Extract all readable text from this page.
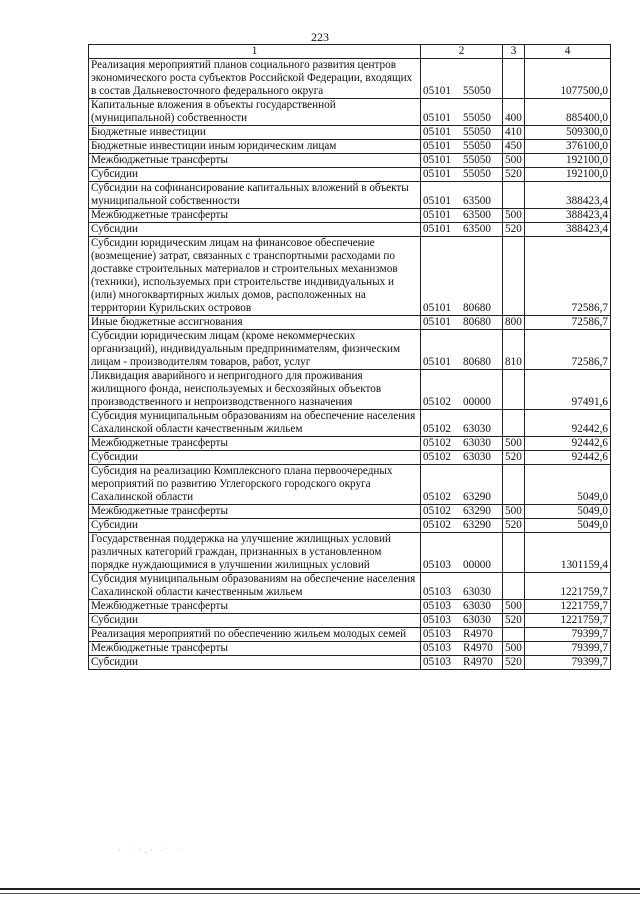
223
1	2	3	4
Реализация мероприятий планов социального развития центров экономического роста субъектов Российской Федерации, входящих в состав Дальневосточного федерального округа	05101 55050		1077500,0
Капитальные вложения в объекты государственной (муниципальной) собственности	05101 55050	400	885400,0
Бюджетные инвестиции	05101 55050	410	509300,0
Бюджетные инвестиции иным юридическим лицам	05101 55050	450	376100,0
Межбюджетные трансферты	05101 55050	500	192100,0
Субсидии	05101 55050	520	192100,0
Субсидии на софинансирование капитальных вложений в объекты муниципальной собственности	05101 63500		388423,4
Межбюджетные трансферты	05101 63500	500	388423,4
Субсидии	05101 63500	520	388423,4
Субсидии юридическим лицам на финансовое обеспечение (возмещение) затрат, связанных с транспортными расходами по доставке строительных материалов и строительных механизмов (техники), используемых при строительстве индивидуальных и (или) многоквартирных жилых домов, расположенных на территории Курильских островов	05101 80680		72586,7
Иные бюджетные ассигнования	05101 80680	800	72586,7
Субсидии юридическим лицам (кроме некоммерческих организаций), индивидуальным предпринимателям, физическим лицам - производителям товаров, работ, услуг	05101 80680	810	72586,7
Ликвидация аварийного и непригодного для проживания жилищного фонда, неиспользуемых и бесхозяйных объектов производственного и непроизводственного назначения	05102 00000		97491,6
Субсидия муниципальным образованиям на обеспечение населения Сахалинской области качественным жильем	05102 63030		92442,6
Межбюджетные трансферты	05102 63030	500	92442,6
Субсидии	05102 63030	520	92442,6
Субсидия на реализацию Комплексного плана первоочередных мероприятий по развитию Углегорского городского округа Сахалинской области	05102 63290		5049,0
Межбюджетные трансферты	05102 63290	500	5049,0
Субсидии	05102 63290	520	5049,0
Государственная поддержка на улучшение жилищных условий различных категорий граждан, признанных в установленном порядке нуждающимися в улучшении жилищных условий	05103 00000		1301159,4
Субсидия муниципальным образованиям на обеспечение населения Сахалинской области качественным жильем	05103 63030		1221759,7
Межбюджетные трансферты	05103 63030	500	1221759,7
Субсидии	05103 63030	520	1221759,7
Реализация мероприятий по обеспечению жильем молодых семей	05103 R4970		79399,7
Межбюджетные трансферты	05103 R4970	500	79399,7
Субсидии	05103 R4970	520	79399,7
· ˙ ·.· ·˙ ·
